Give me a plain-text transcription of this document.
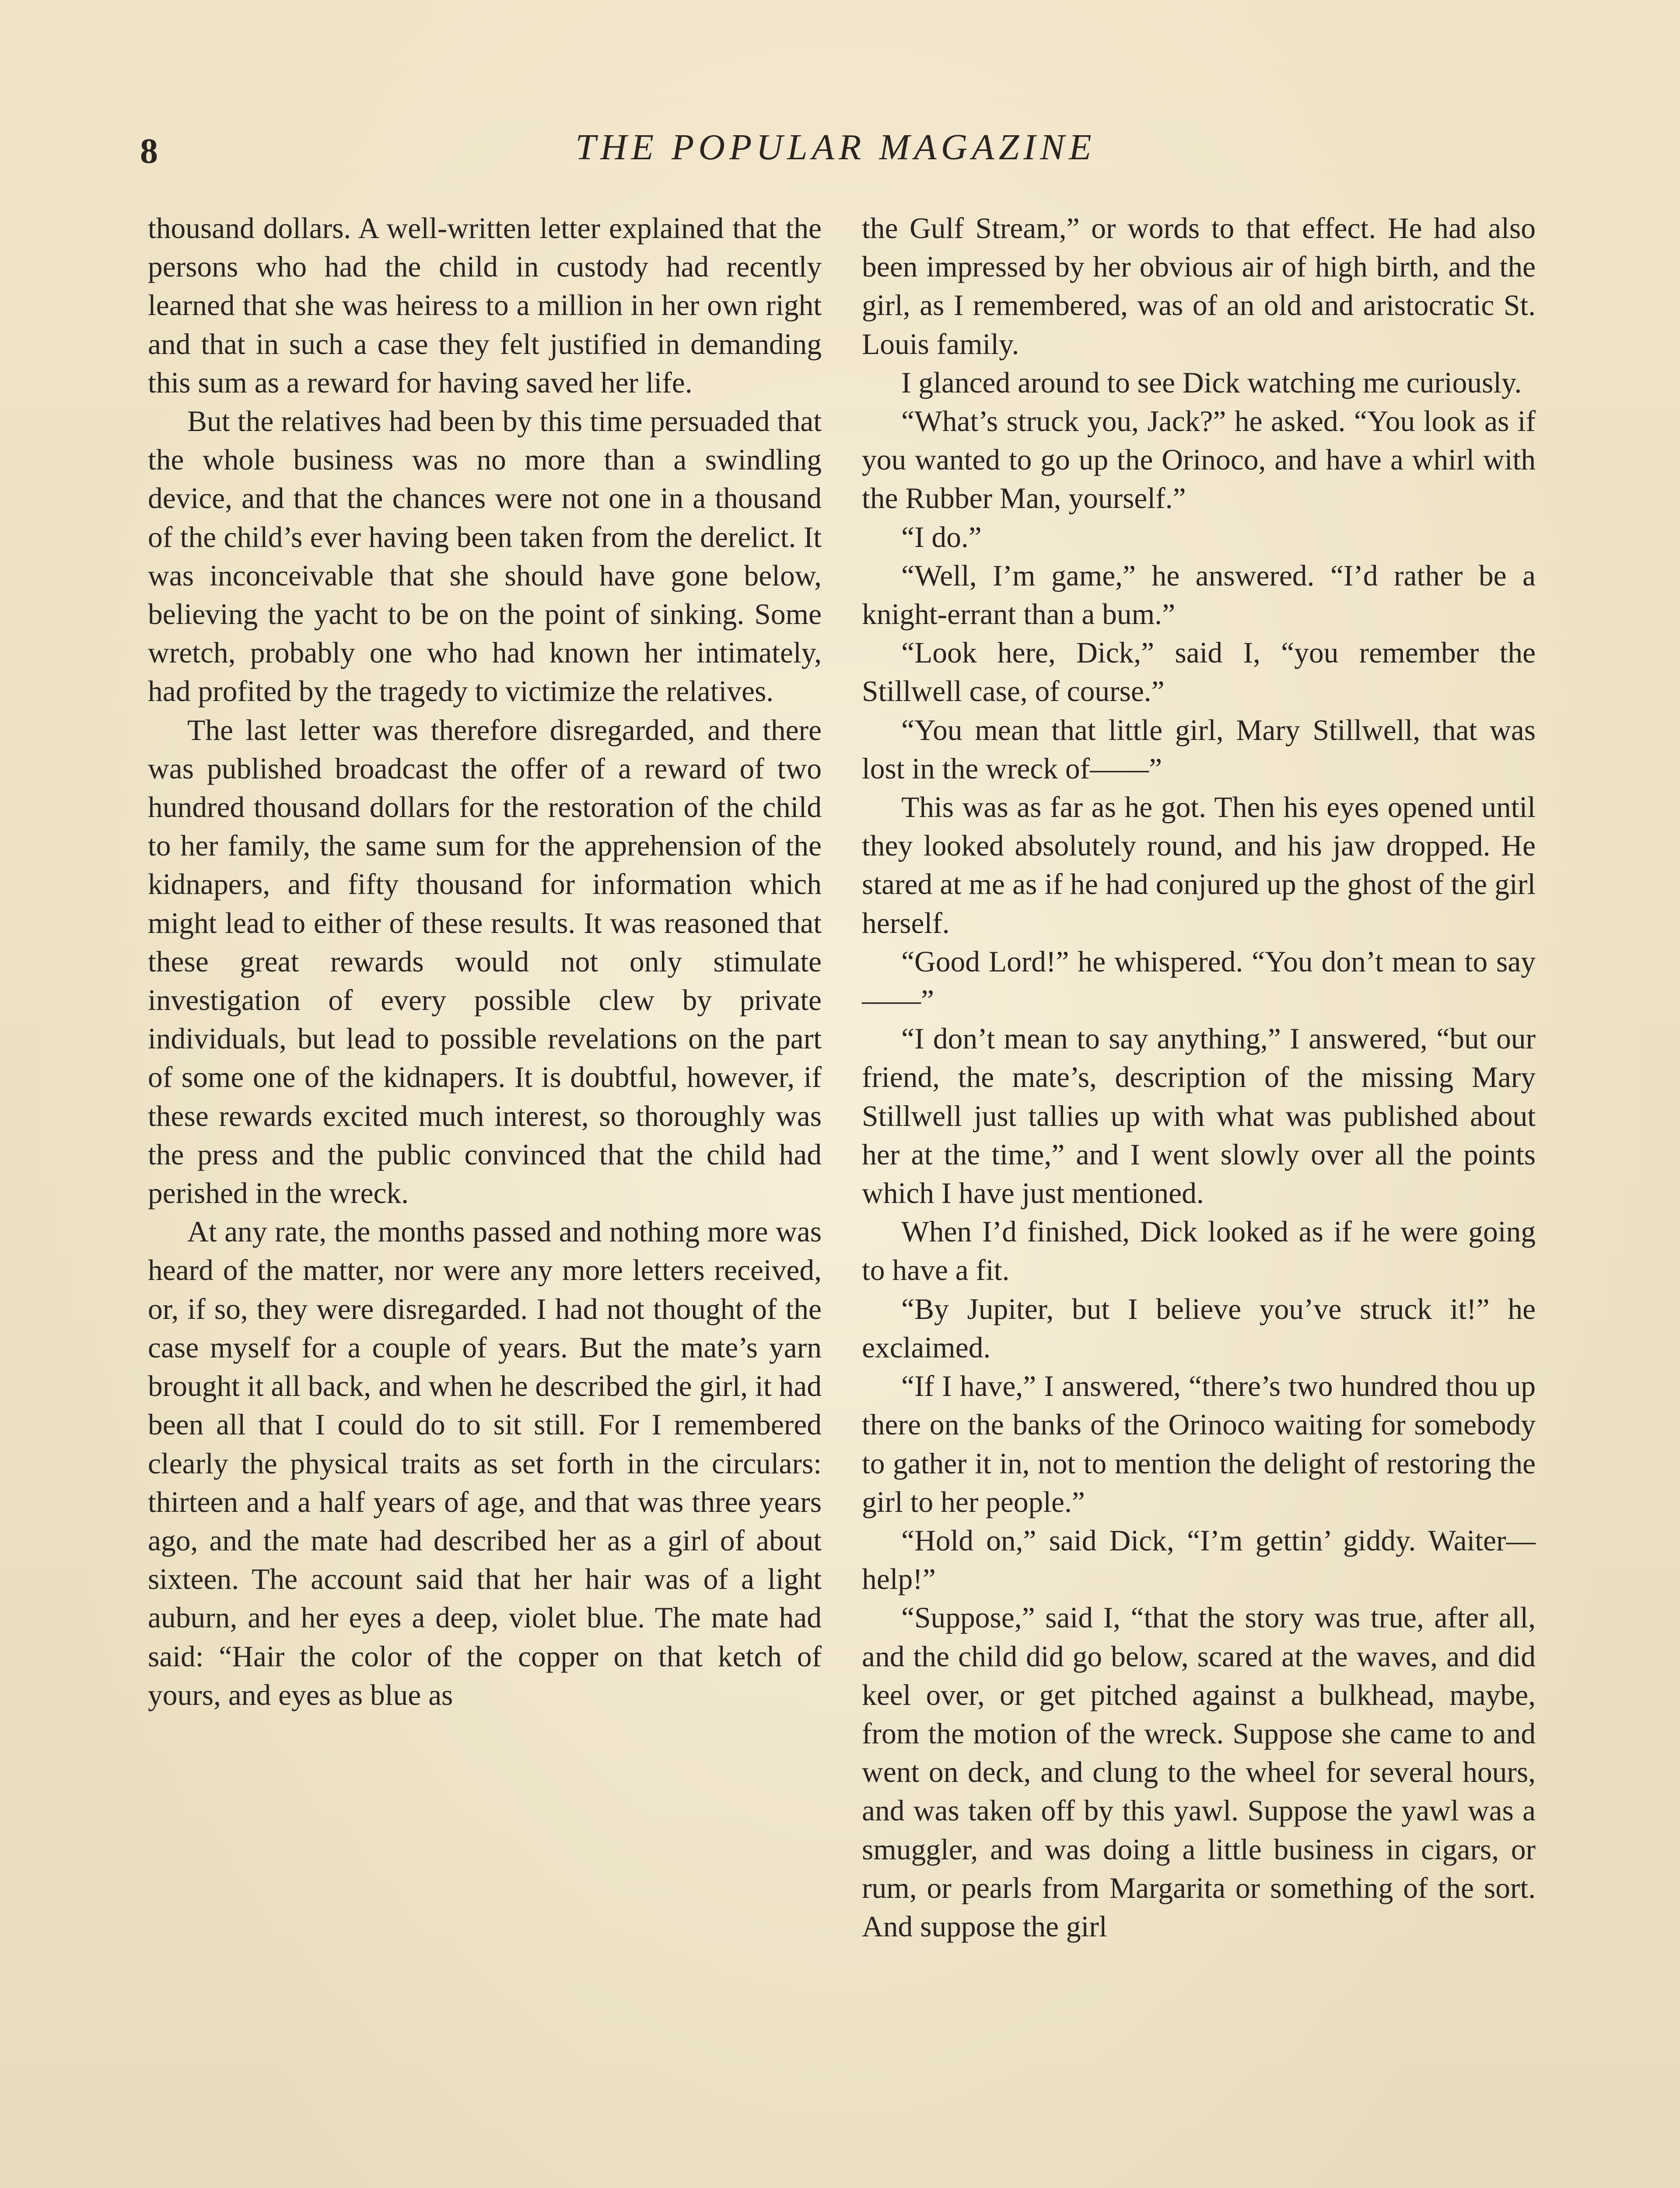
8	THE POPULAR MAGAZINE

thousand dollars. A well-written letter explained that the persons who had the child in custody had recently learned that she was heiress to a million in her own right and that in such a case they felt justified in demanding this sum as a reward for having saved her life.

But the relatives had been by this time persuaded that the whole business was no more than a swindling device, and that the chances were not one in a thousand of the child’s ever having been taken from the derelict. It was inconceivable that she should have gone below, believing the yacht to be on the point of sinking. Some wretch, probably one who had known her intimately, had profited by the tragedy to victimize the relatives.

The last letter was therefore disregarded, and there was published broadcast the offer of a reward of two hundred thousand dollars for the restoration of the child to her family, the same sum for the apprehension of the kidnapers, and fifty thousand for information which might lead to either of these results. It was reasoned that these great rewards would not only stimulate investigation of every possible clew by private individuals, but lead to possible revelations on the part of some one of the kidnapers. It is doubtful, however, if these rewards excited much interest, so thoroughly was the press and the public convinced that the child had perished in the wreck.

At any rate, the months passed and nothing more was heard of the matter, nor were any more letters received, or, if so, they were disregarded. I had not thought of the case myself for a couple of years. But the mate’s yarn brought it all back, and when he described the girl, it had been all that I could do to sit still. For I remembered clearly the physical traits as set forth in the circulars: thirteen and a half years of age, and that was three years ago, and the mate had described her as a girl of about sixteen. The account said that her hair was of a light auburn, and her eyes a deep, violet blue. The mate had said: “Hair the color of the copper on that ketch of yours, and eyes as blue as

the Gulf Stream,” or words to that effect. He had also been impressed by her obvious air of high birth, and the girl, as I remembered, was of an old and aristocratic St. Louis family.

I glanced around to see Dick watching me curiously.

“What’s struck you, Jack?” he asked. “You look as if you wanted to go up the Orinoco, and have a whirl with the Rubber Man, yourself.”

“I do.”

“Well, I’m game,” he answered. “I’d rather be a knight-errant than a bum.”

“Look here, Dick,” said I, “you remember the Stillwell case, of course.”

“You mean that little girl, Mary Stillwell, that was lost in the wreck of——”

This was as far as he got. Then his eyes opened until they looked absolutely round, and his jaw dropped. He stared at me as if he had conjured up the ghost of the girl herself.

“Good Lord!” he whispered. “You don’t mean to say——”

“I don’t mean to say anything,” I answered, “but our friend, the mate’s, description of the missing Mary Stillwell just tallies up with what was published about her at the time,” and I went slowly over all the points which I have just mentioned.

When I’d finished, Dick looked as if he were going to have a fit.

“By Jupiter, but I believe you’ve struck it!” he exclaimed.

“If I have,” I answered, “there’s two hundred thou up there on the banks of the Orinoco waiting for somebody to gather it in, not to mention the delight of restoring the girl to her people.”

“Hold on,” said Dick, “I’m gettin’ giddy. Waiter—help!”

“Suppose,” said I, “that the story was true, after all, and the child did go below, scared at the waves, and did keel over, or get pitched against a bulkhead, maybe, from the motion of the wreck. Suppose she came to and went on deck, and clung to the wheel for several hours, and was taken off by this yawl. Suppose the yawl was a smuggler, and was doing a little business in cigars, or rum, or pearls from Margarita or something of the sort. And suppose the girl
